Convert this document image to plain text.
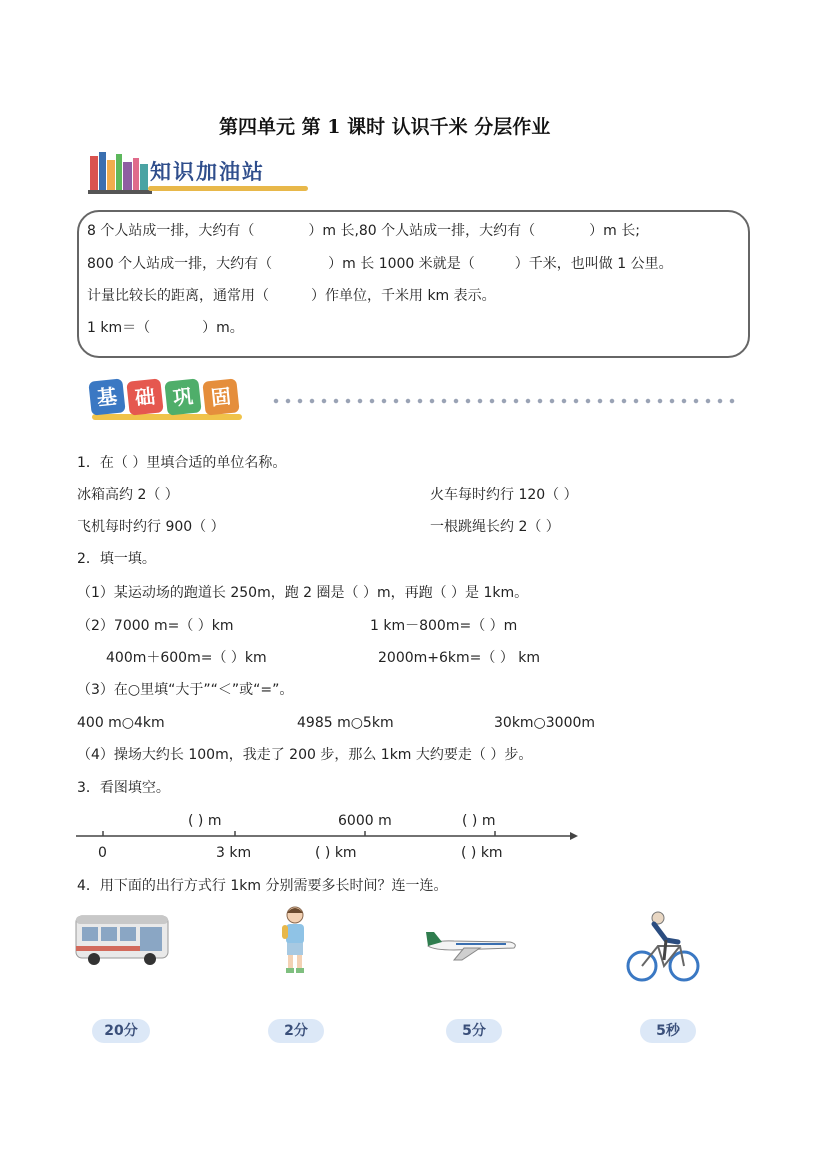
第四单元 第 1 课时 认识千米 分层作业
知识加油站
8 个人站成一排，大约有（	）m 长,80 个人站成一排，大约有（	）m 长;
800 个人站成一排，大约有（	）m 长 1000 米就是（	）千米，也叫做 1 公里。
计量比较长的距离，通常用（	）作单位，千米用 km 表示。
1 km＝（	）m。
基 础 巩 固
1．在（ ）里填合适的单位名称。
冰箱高约 2（ ）	火车每时约行 120（ ）
飞机每时约行 900（ ）	一根跳绳长约 2（ ）
2．填一填。
（1）某运动场的跑道长 250m，跑 2 圈是（ ）m，再跑（ ）是 1km。
（2）7000 m=（ ）km	1 km－800m=（ ）m
400m＋600m=（ ）km	2000m+6km=（ ） km
（3）在○里填“大于”“＜”或“=”。
400 m○4km	4985 m○5km	30km○3000m
（4）操场大约长 100m，我走了 200 步，那么 1km 大约要走（ ）步。
3．看图填空。
( ) m	6000 m	( ) m
0	3 km	( ) km	( ) km
4．用下面的出行方式行 1km 分别需要多长时间？连一连。
20分	2分	5分	5秒
